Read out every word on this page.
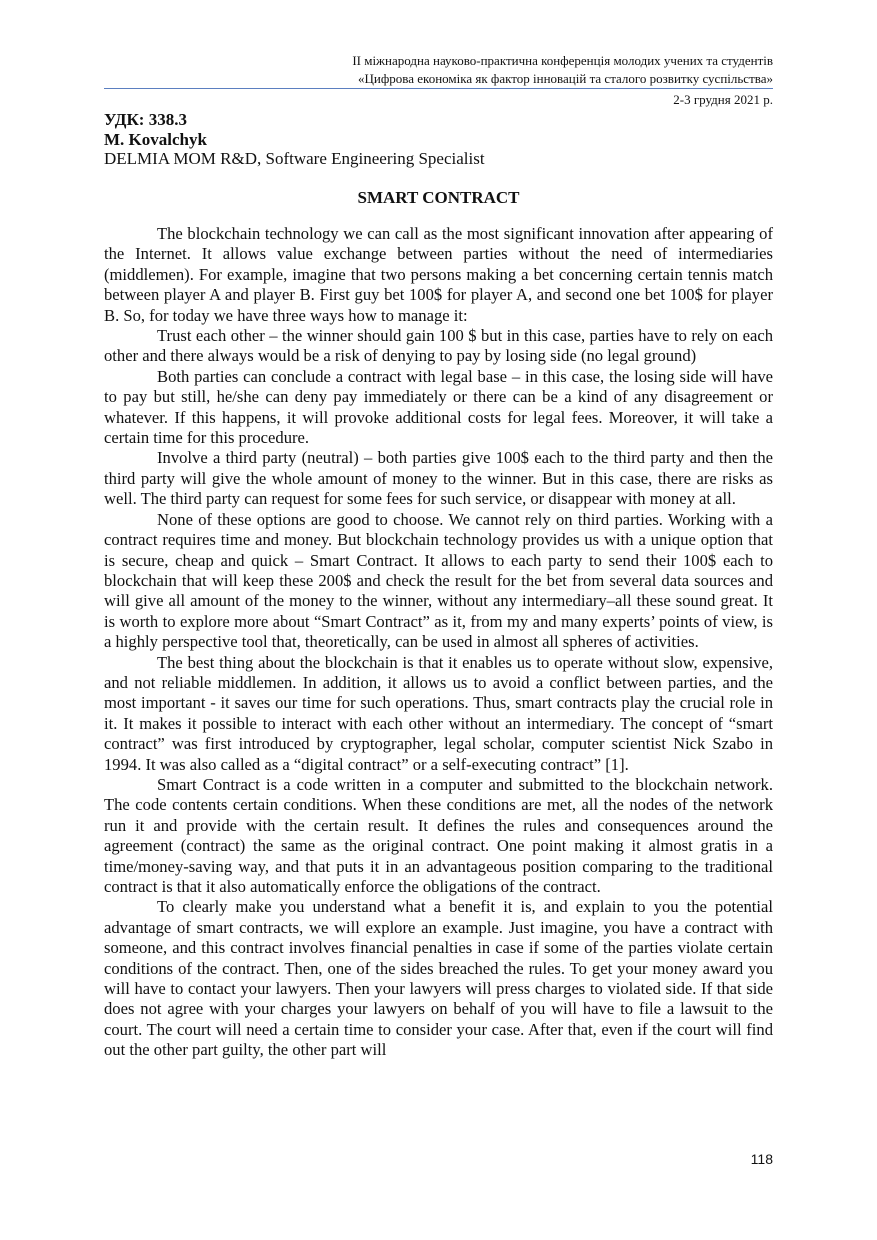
ІІ міжнародна науково-практична конференція молодих учених та студентів
«Цифрова економіка як фактор інновацій та сталого розвитку суспільства»
2-3 грудня 2021 р.
УДК: 338.3
M. Kovalchyk
DELMIA MOM R&D, Software Engineering Specialist
SMART CONTRACT

The blockchain technology we can call as the most significant innovation after appearing of the Internet. It allows value exchange between parties without the need of intermediaries (middlemen). For example, imagine that two persons making a bet concerning certain tennis match between player A and player B. First guy bet 100$ for player A, and second one bet 100$ for player B. So, for today we have three ways how to manage it:

Trust each other – the winner should gain 100 $ but in this case, parties have to rely on each other and there always would be a risk of denying to pay by losing side (no legal ground)

Both parties can conclude a contract with legal base – in this case, the losing side will have to pay but still, he/she can deny pay immediately or there can be a kind of any disagreement or whatever. If this happens, it will provoke additional costs for legal fees. Moreover, it will take a certain time for this procedure.

Involve a third party (neutral) – both parties give 100$ each to the third party and then the third party will give the whole amount of money to the winner. But in this case, there are risks as well. The third party can request for some fees for such service, or disappear with money at all.

None of these options are good to choose. We cannot rely on third parties. Working with a contract requires time and money. But blockchain technology provides us with a unique option that is secure, cheap and quick – Smart Contract. It allows to each party to send their 100$ each to blockchain that will keep these 200$ and check the result for the bet from several data sources and will give all amount of the money to the winner, without any intermediary–all these sound great. It is worth to explore more about “Smart Contract” as it, from my and many experts’ points of view, is a highly perspective tool that, theoretically, can be used in almost all spheres of activities.

The best thing about the blockchain is that it enables us to operate without slow, expensive, and not reliable middlemen. In addition, it allows us to avoid a conflict between parties, and the most important - it saves our time for such operations. Thus, smart contracts play the crucial role in it. It makes it possible to interact with each other without an intermediary. The concept of “smart contract” was first introduced by cryptographer, legal scholar, computer scientist Nick Szabo in 1994. It was also called as a “digital contract” or a self-executing contract” [1].

Smart Contract is a code written in a computer and submitted to the blockchain network. The code contents certain conditions. When these conditions are met, all the nodes of the network run it and provide with the certain result. It defines the rules and consequences around the agreement (contract) the same as the original contract. One point making it almost gratis in a time/money-saving way, and that puts it in an advantageous position comparing to the traditional contract is that it also automatically enforce the obligations of the contract.

To clearly make you understand what a benefit it is, and explain to you the potential advantage of smart contracts, we will explore an example. Just imagine, you have a contract with someone, and this contract involves financial penalties in case if some of the parties violate certain conditions of the contract. Then, one of the sides breached the rules. To get your money award you will have to contact your lawyers. Then your lawyers will press charges to violated side. If that side does not agree with your charges your lawyers on behalf of you will have to file a lawsuit to the court. The court will need a certain time to consider your case. After that, even if the court will find out the other part guilty, the other part will

118
